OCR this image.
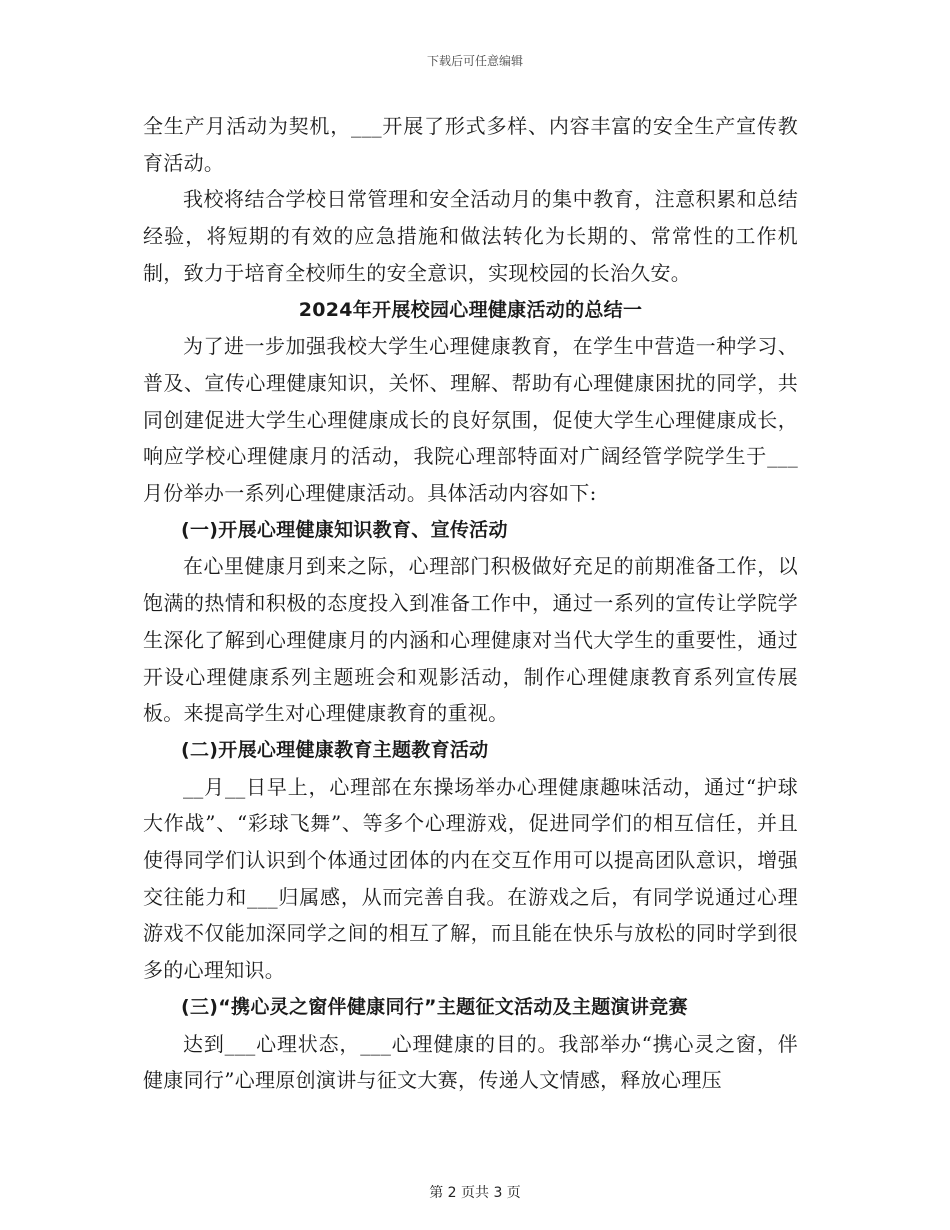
下载后可任意编辑

全生产月活动为契机，___开展了形式多样、内容丰富的安全生产宣传教育活动。

我校将结合学校日常管理和安全活动月的集中教育，注意积累和总结经验，将短期的有效的应急措施和做法转化为长期的、常常性的工作机制，致力于培育全校师生的安全意识，实现校园的长治久安。

2024年开展校园心理健康活动的总结一

为了进一步加强我校大学生心理健康教育，在学生中营造一种学习、普及、宣传心理健康知识，关怀、理解、帮助有心理健康困扰的同学，共同创建促进大学生心理健康成长的良好氛围，促使大学生心理健康成长，响应学校心理健康月的活动，我院心理部特面对广阔经管学院学生于___月份举办一系列心理健康活动。具体活动内容如下:

(一)开展心理健康知识教育、宣传活动

在心里健康月到来之际，心理部门积极做好充足的前期准备工作，以饱满的热情和积极的态度投入到准备工作中，通过一系列的宣传让学院学生深化了解到心理健康月的内涵和心理健康对当代大学生的重要性，通过开设心理健康系列主题班会和观影活动，制作心理健康教育系列宣传展板。来提高学生对心理健康教育的重视。

(二)开展心理健康教育主题教育活动

__月__日早上，心理部在东操场举办心理健康趣味活动，通过“护球大作战”、“彩球飞舞”、等多个心理游戏，促进同学们的相互信任，并且使得同学们认识到个体通过团体的内在交互作用可以提高团队意识，增强交往能力和___归属感，从而完善自我。在游戏之后，有同学说通过心理游戏不仅能加深同学之间的相互了解，而且能在快乐与放松的同时学到很多的心理知识。

(三)“携心灵之窗伴健康同行”主题征文活动及主题演讲竞赛

达到___心理状态，___心理健康的目的。我部举办“携心灵之窗，伴健康同行”心理原创演讲与征文大赛，传递人文情感，释放心理压

第 2 页共 3 页
